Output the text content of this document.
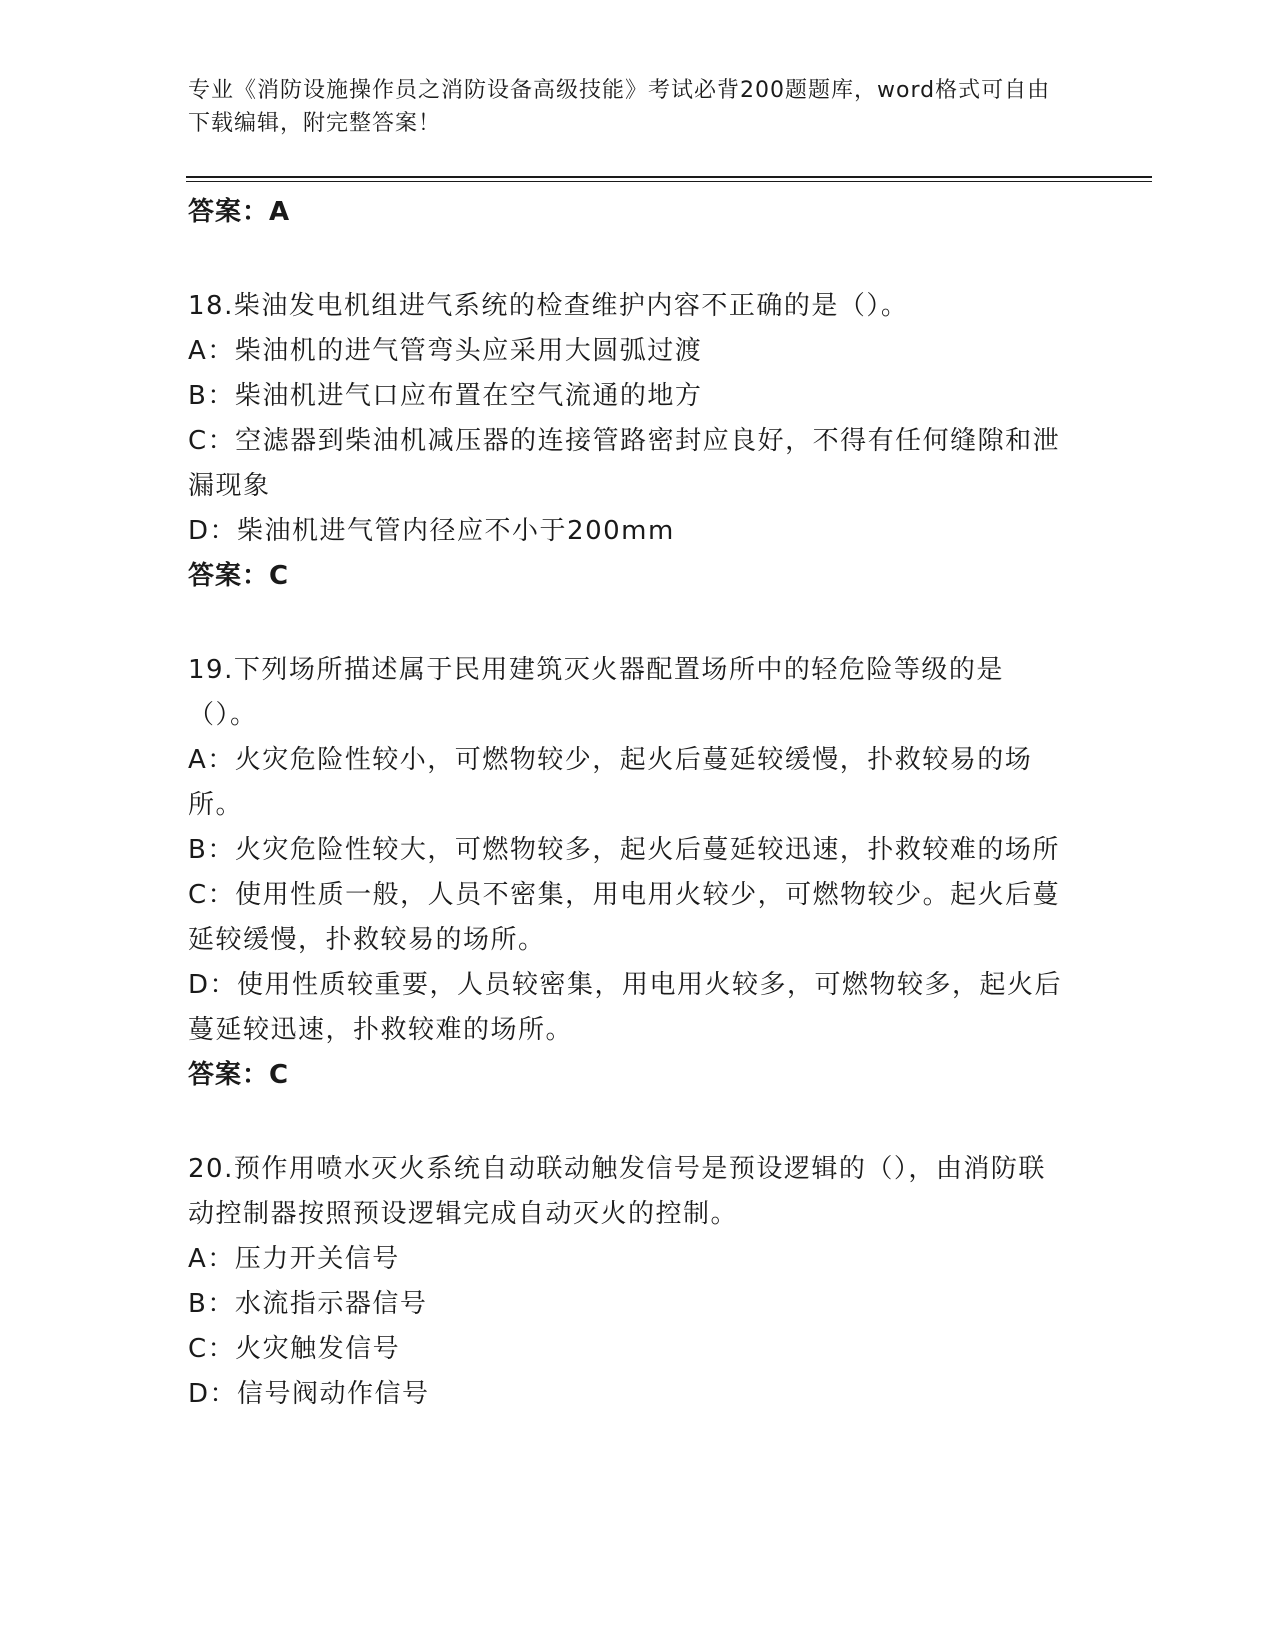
专业《消防设施操作员之消防设备高级技能》考试必背200题题库，word格式可自由下载编辑，附完整答案！
答案：A
18.柴油发电机组进气系统的检查维护内容不正确的是（）。
A：柴油机的进气管弯头应采用大圆弧过渡
B：柴油机进气口应布置在空气流通的地方
C：空滤器到柴油机减压器的连接管路密封应良好，不得有任何缝隙和泄漏现象
D：柴油机进气管内径应不小于200mm
答案：C
19.下列场所描述属于民用建筑灭火器配置场所中的轻危险等级的是（）。
A：火灾危险性较小，可燃物较少，起火后蔓延较缓慢，扑救较易的场所。
B：火灾危险性较大，可燃物较多，起火后蔓延较迅速，扑救较难的场所
C：使用性质一般，人员不密集，用电用火较少，可燃物较少。起火后蔓延较缓慢，扑救较易的场所。
D：使用性质较重要，人员较密集，用电用火较多，可燃物较多，起火后蔓延较迅速，扑救较难的场所。
答案：C
20.预作用喷水灭火系统自动联动触发信号是预设逻辑的（），由消防联动控制器按照预设逻辑完成自动灭火的控制。
A：压力开关信号
B：水流指示器信号
C：火灾触发信号
D：信号阀动作信号
